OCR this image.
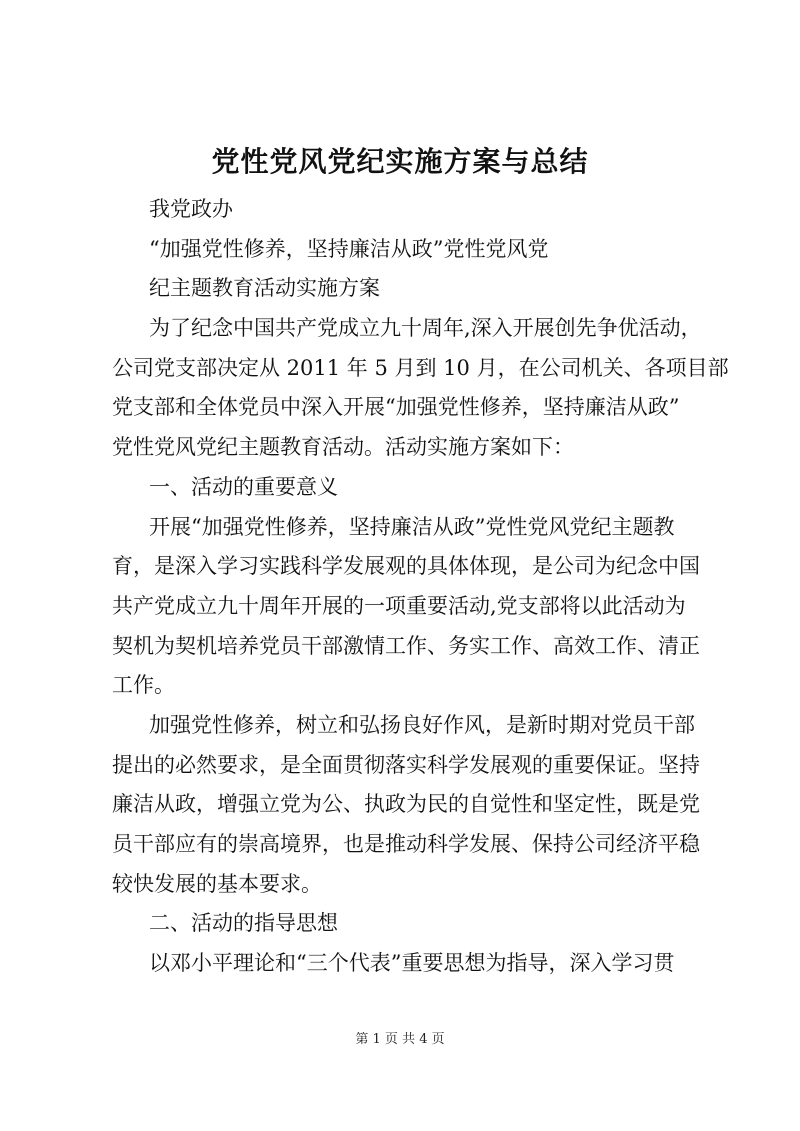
党性党风党纪实施方案与总结
我党政办
“加强党性修养，坚持廉洁从政”党性党风党
纪主题教育活动实施方案
为了纪念中国共产党成立九十周年,深入开展创先争优活动，
公司党支部决定从 2011 年 5 月到 10 月，在公司机关、各项目部
党支部和全体党员中深入开展“加强党性修养，坚持廉洁从政”
党性党风党纪主题教育活动。活动实施方案如下：
一、活动的重要意义
开展“加强党性修养，坚持廉洁从政”党性党风党纪主题教
育，是深入学习实践科学发展观的具体体现，是公司为纪念中国
共产党成立九十周年开展的一项重要活动,党支部将以此活动为
契机为契机培养党员干部激情工作、务实工作、高效工作、清正
工作。
加强党性修养，树立和弘扬良好作风，是新时期对党员干部
提出的必然要求，是全面贯彻落实科学发展观的重要保证。坚持
廉洁从政，增强立党为公、执政为民的自觉性和坚定性，既是党
员干部应有的崇高境界，也是推动科学发展、保持公司经济平稳
较快发展的基本要求。
二、活动的指导思想
以邓小平理论和“三个代表”重要思想为指导，深入学习贯
第 1 页 共 4 页
